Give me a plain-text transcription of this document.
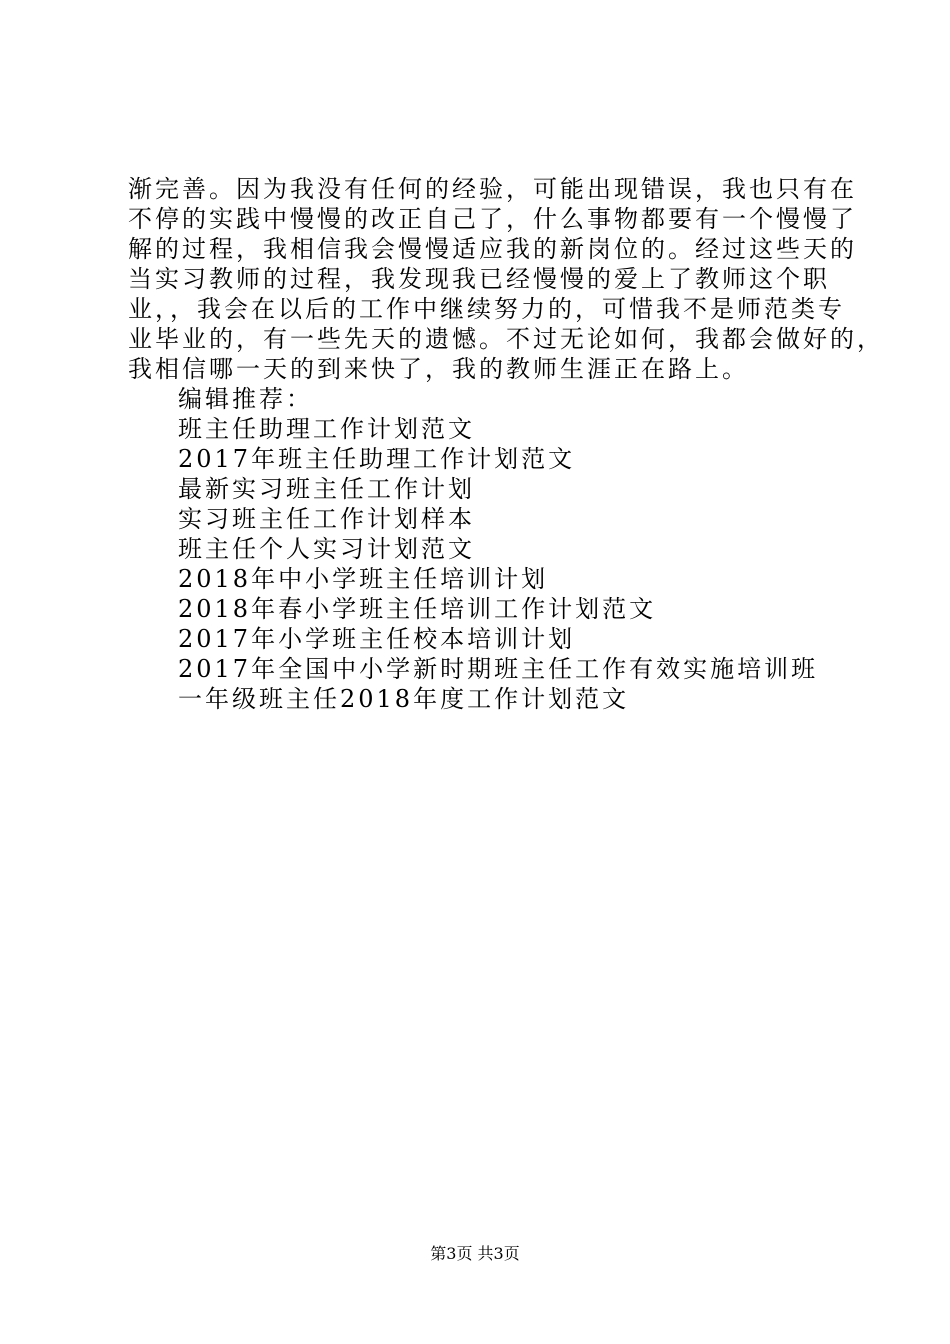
渐完善。因为我没有任何的经验，可能出现错误，我也只有在
不停的实践中慢慢的改正自己了，什么事物都要有一个慢慢了
解的过程，我相信我会慢慢适应我的新岗位的。经过这些天的
当实习教师的过程，我发现我已经慢慢的爱上了教师这个职
业，，我会在以后的工作中继续努力的，可惜我不是师范类专
业毕业的，有一些先天的遗憾。不过无论如何，我都会做好的，
我相信哪一天的到来快了，我的教师生涯正在路上。
编辑推荐：
班主任助理工作计划范文
2017年班主任助理工作计划范文
最新实习班主任工作计划
实习班主任工作计划样本
班主任个人实习计划范文
2018年中小学班主任培训计划
2018年春小学班主任培训工作计划范文
2017年小学班主任校本培训计划
2017年全国中小学新时期班主任工作有效实施培训班
一年级班主任2018年度工作计划范文
第3页 共3页
